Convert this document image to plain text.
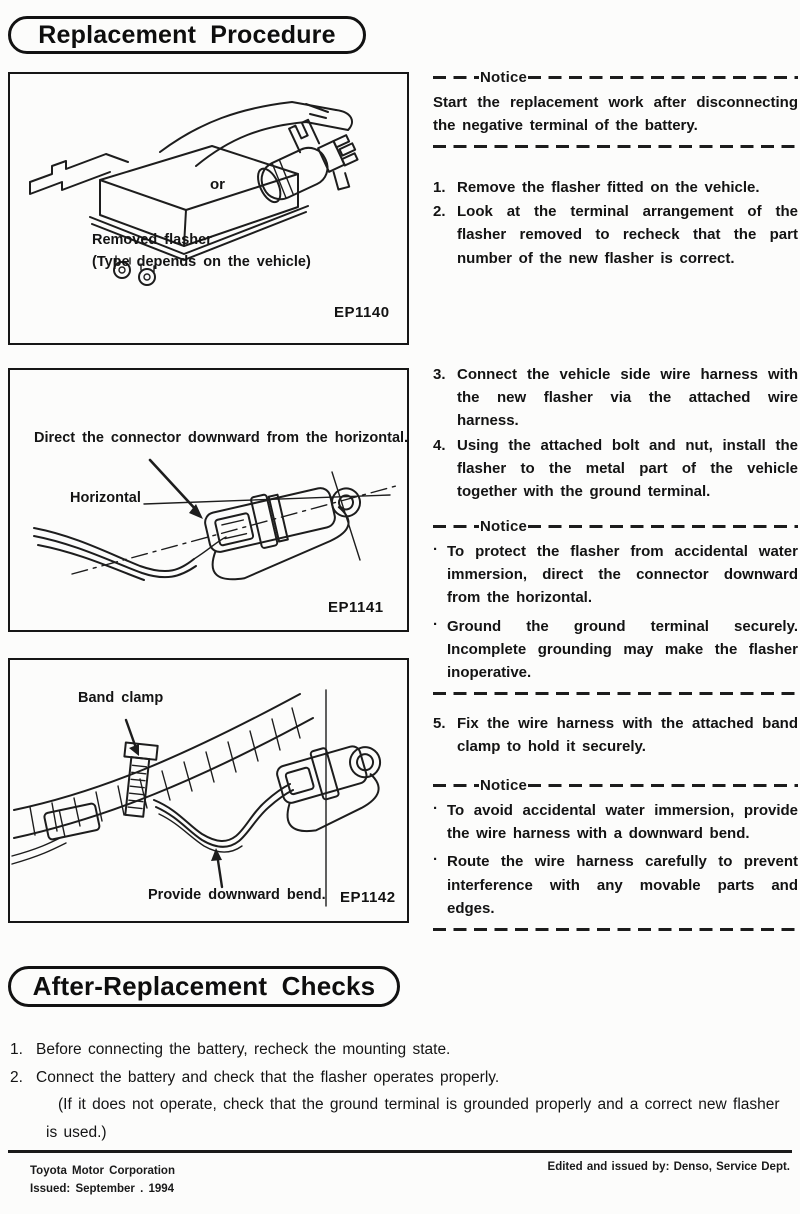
Replacement Procedure
or
Removed flasher
(Type depends on the vehicle)
EP1140
Direct the connector downward from the horizontal.
Horizontal
EP1141
Band clamp
Provide downward bend. EP1142
Notice
Start the replacement work after disconnecting the negative terminal of the battery.
1. Remove the flasher fitted on the vehicle.
2. Look at the terminal arrangement of the flasher removed to recheck that the part number of the new flasher is correct.
3. Connect the vehicle side wire harness with the new flasher via the attached wire harness.
4. Using the attached bolt and nut, install the flasher to the metal part of the vehicle together with the ground terminal.
Notice
· To protect the flasher from accidental water immersion, direct the connector downward from the horizontal.
· Ground the ground terminal securely. Incomplete grounding may make the flasher inoperative.
5. Fix the wire harness with the attached band clamp to hold it securely.
Notice
· To avoid accidental water immersion, provide the wire harness with a downward bend.
· Route the wire harness carefully to prevent interference with any movable parts and edges.
After-Replacement Checks
1. Before connecting the battery, recheck the mounting state.
2. Connect the battery and check that the flasher operates properly.
(If it does not operate, check that the ground terminal is grounded properly and a correct new flasher is used.)
Toyota Motor Corporation
Issued: September . 1994
Edited and issued by: Denso, Service Dept.
